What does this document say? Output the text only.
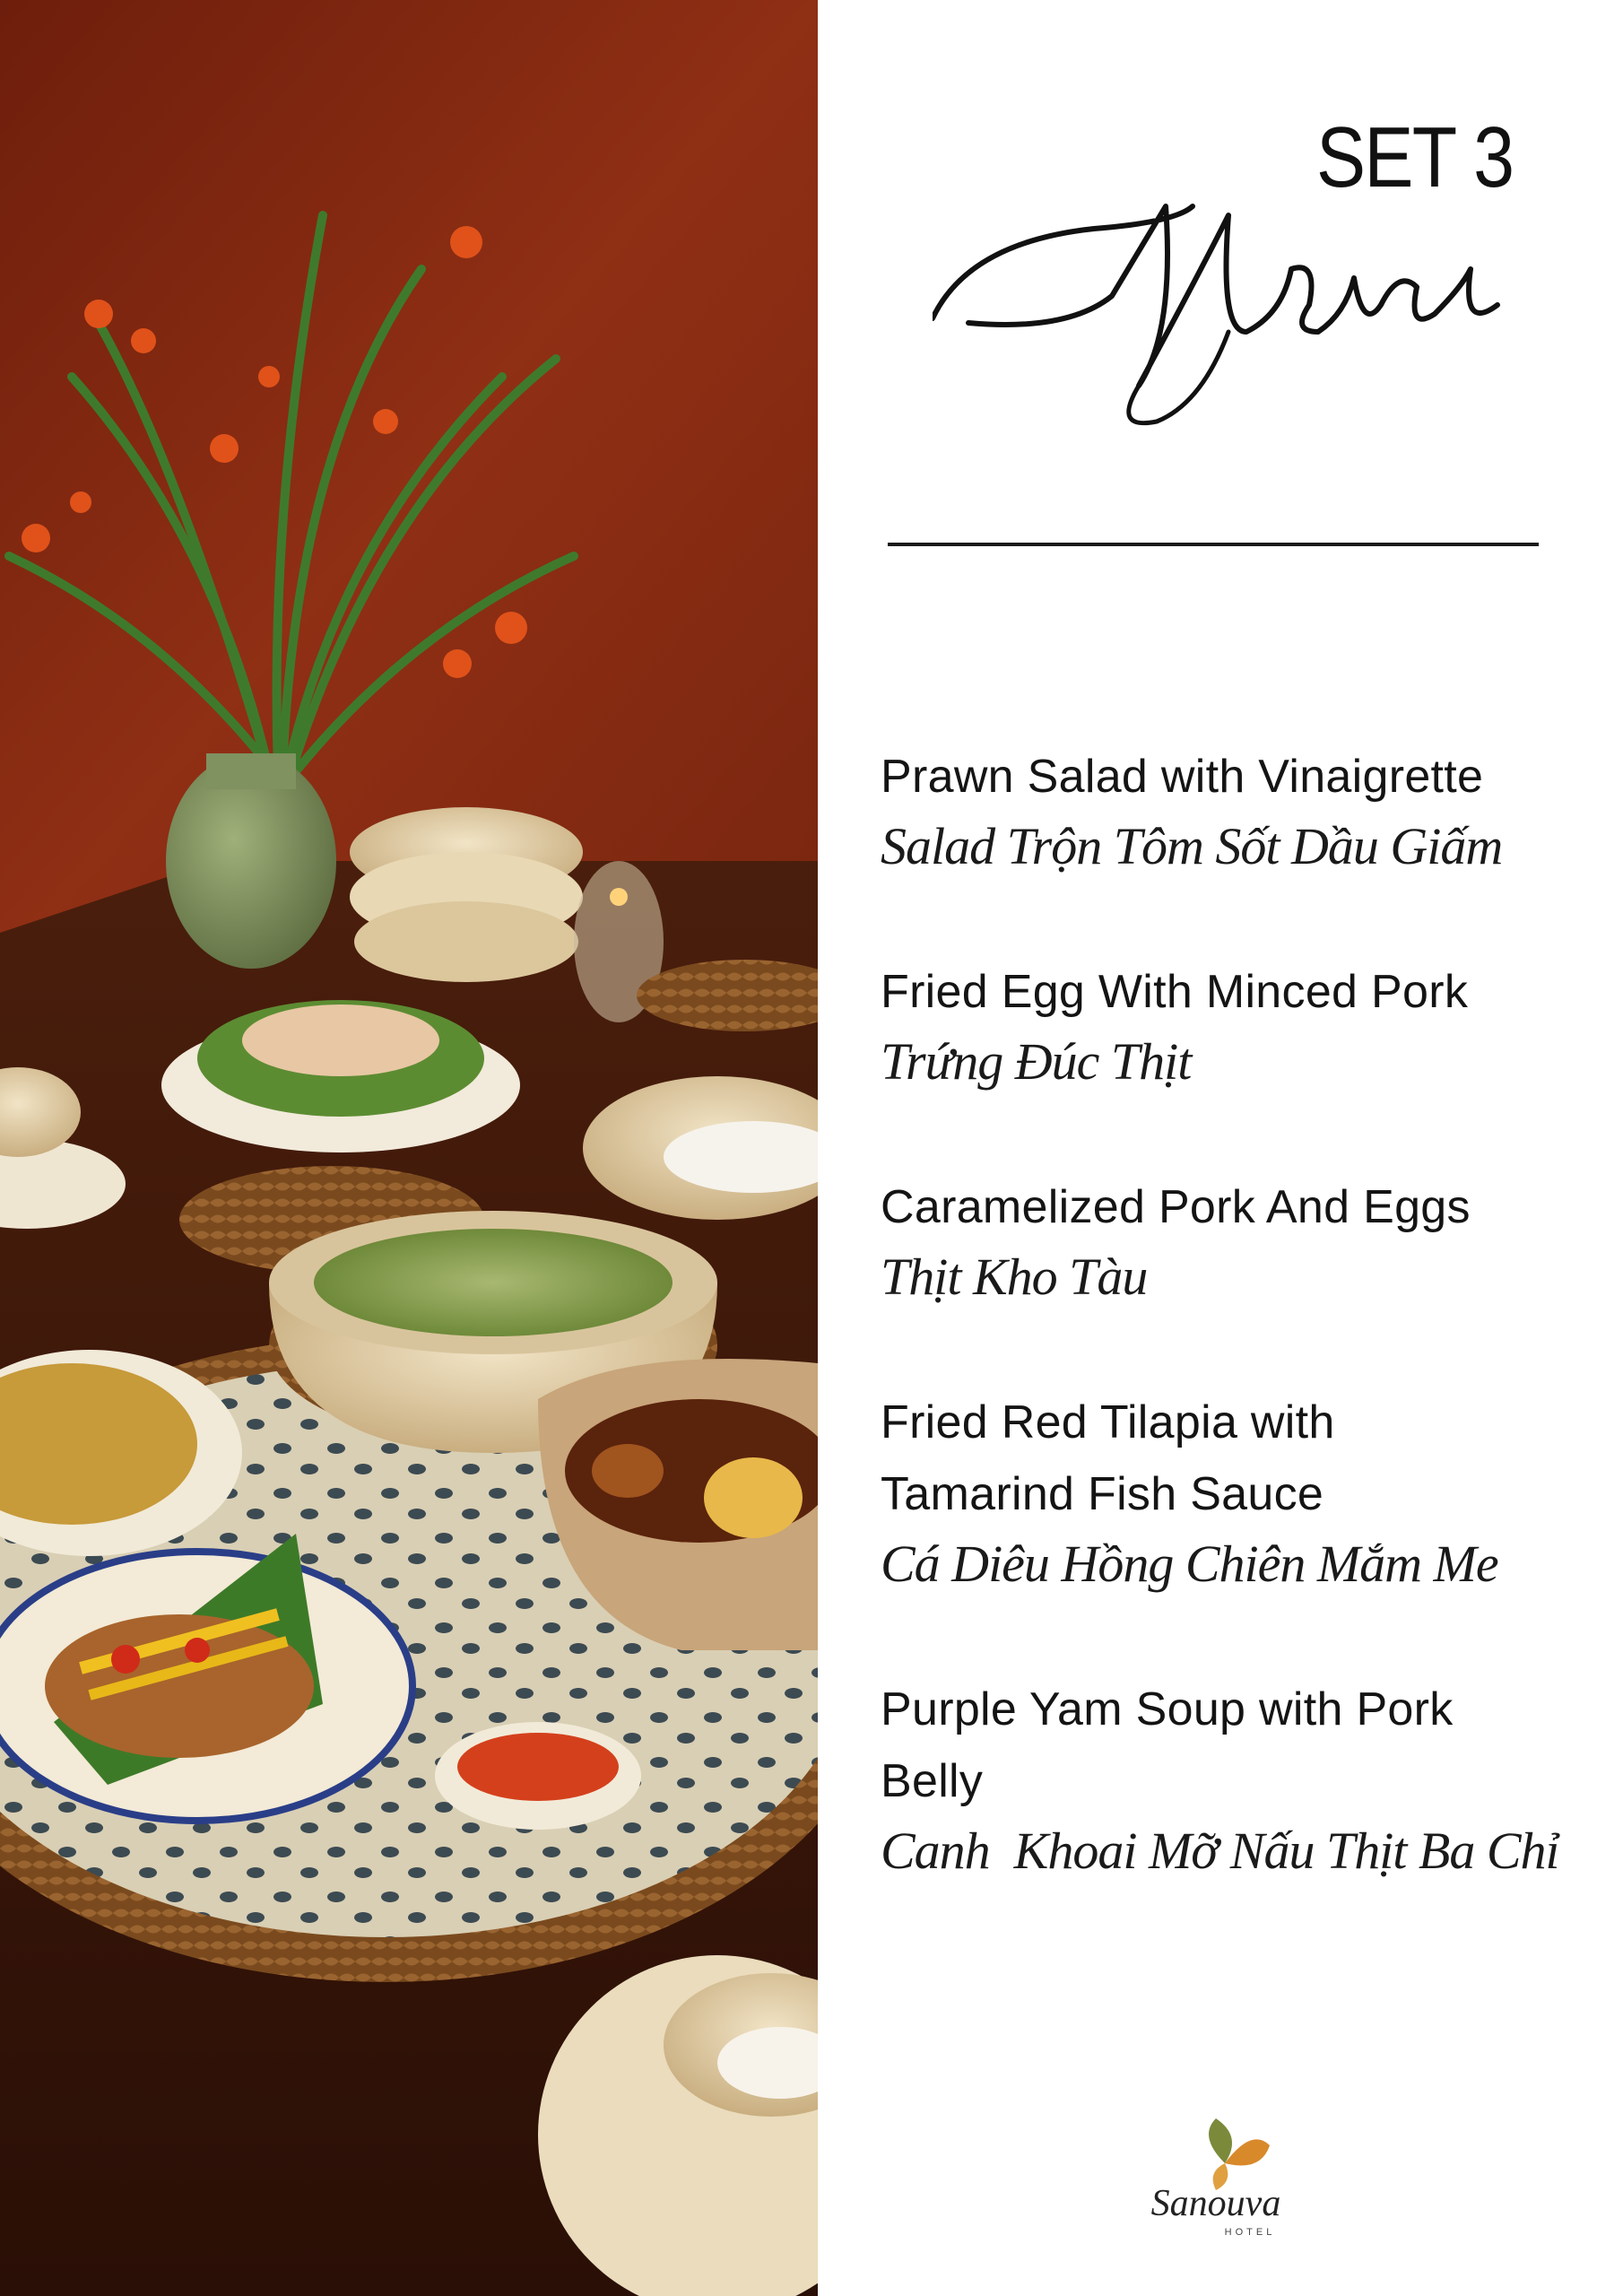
SET 3
Prawn Salad with Vinaigrette
Salad Trộn Tôm Sốt Dầu Giấm
Fried Egg With Minced Pork
Trứng Đúc Thịt
Caramelized Pork And Eggs
Thịt Kho Tàu
Fried Red Tilapia with
Tamarind Fish Sauce
Cá Diêu Hồng Chiên Mắm Me
Purple Yam Soup with Pork
Belly
Canh  Khoai Mỡ Nấu Thịt Ba Chỉ
Sanouva
HOTEL
